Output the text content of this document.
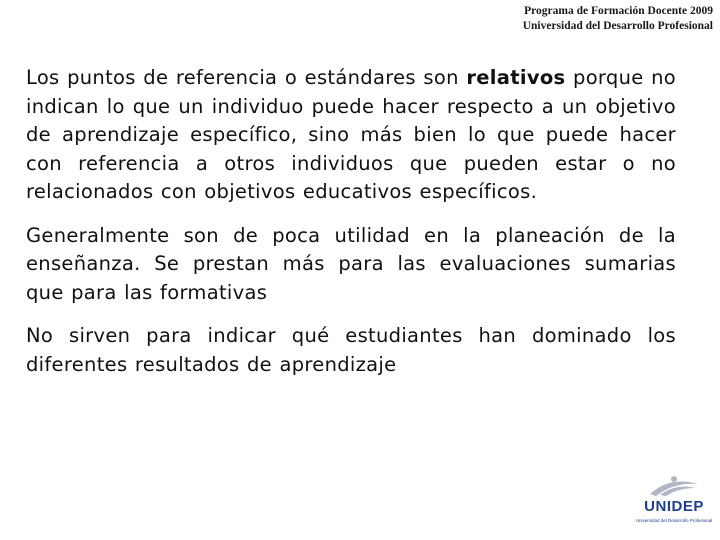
Programa de Formación Docente 2009
Universidad del Desarrollo Profesional

Los puntos de referencia o estándares son relativos porque no indican lo que un individuo puede hacer respecto a un objetivo de aprendizaje específico, sino más bien lo que puede hacer con referencia a otros individuos que pueden estar o no relacionados con objetivos educativos específicos.

Generalmente son de poca utilidad en la planeación de la enseñanza. Se prestan más para las evaluaciones sumarias que para las formativas

No sirven para indicar qué estudiantes han dominado los diferentes resultados de aprendizaje

UNIDEP
Universidad del Desarrollo Profesional
